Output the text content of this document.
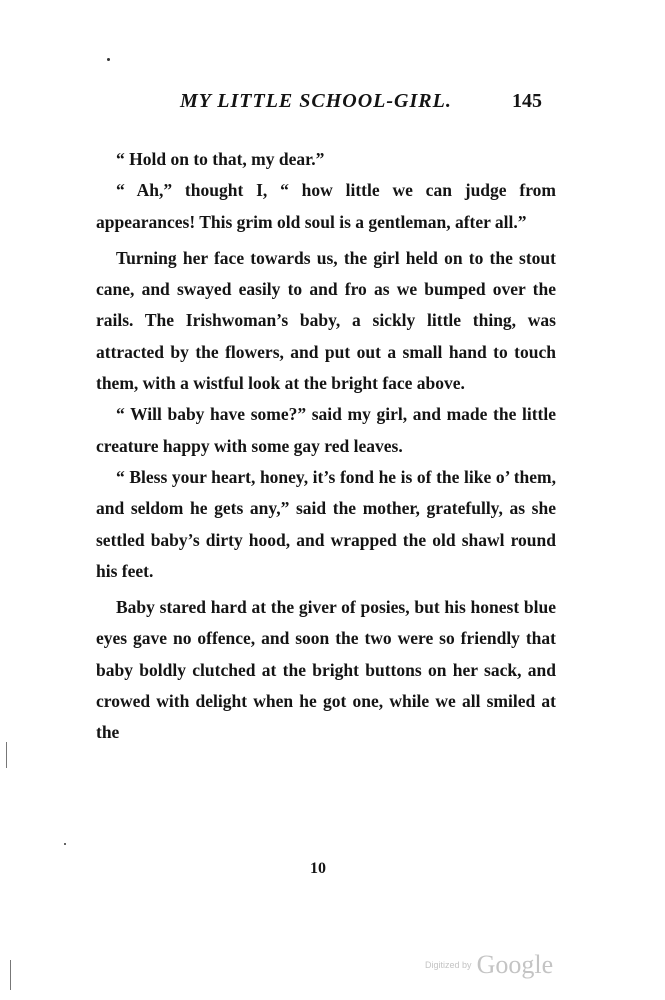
MY LITTLE SCHOOL-GIRL.	145

“ Hold on to that, my dear.”

“ Ah,” thought I, “ how little we can judge from appearances! This grim old soul is a gentleman, after all.”

Turning her face towards us, the girl held on to the stout cane, and swayed easily to and fro as we bumped over the rails. The Irishwoman’s baby, a sickly little thing, was attracted by the flowers, and put out a small hand to touch them, with a wistful look at the bright face above.

“ Will baby have some?” said my girl, and made the little creature happy with some gay red leaves.

“ Bless your heart, honey, it’s fond he is of the like o’ them, and seldom he gets any,” said the mother, gratefully, as she settled baby’s dirty hood, and wrapped the old shawl round his feet.

Baby stared hard at the giver of posies, but his honest blue eyes gave no offence, and soon the two were so friendly that baby boldly clutched at the bright buttons on her sack, and crowed with delight when he got one, while we all smiled at the

10
Digitized by Google
